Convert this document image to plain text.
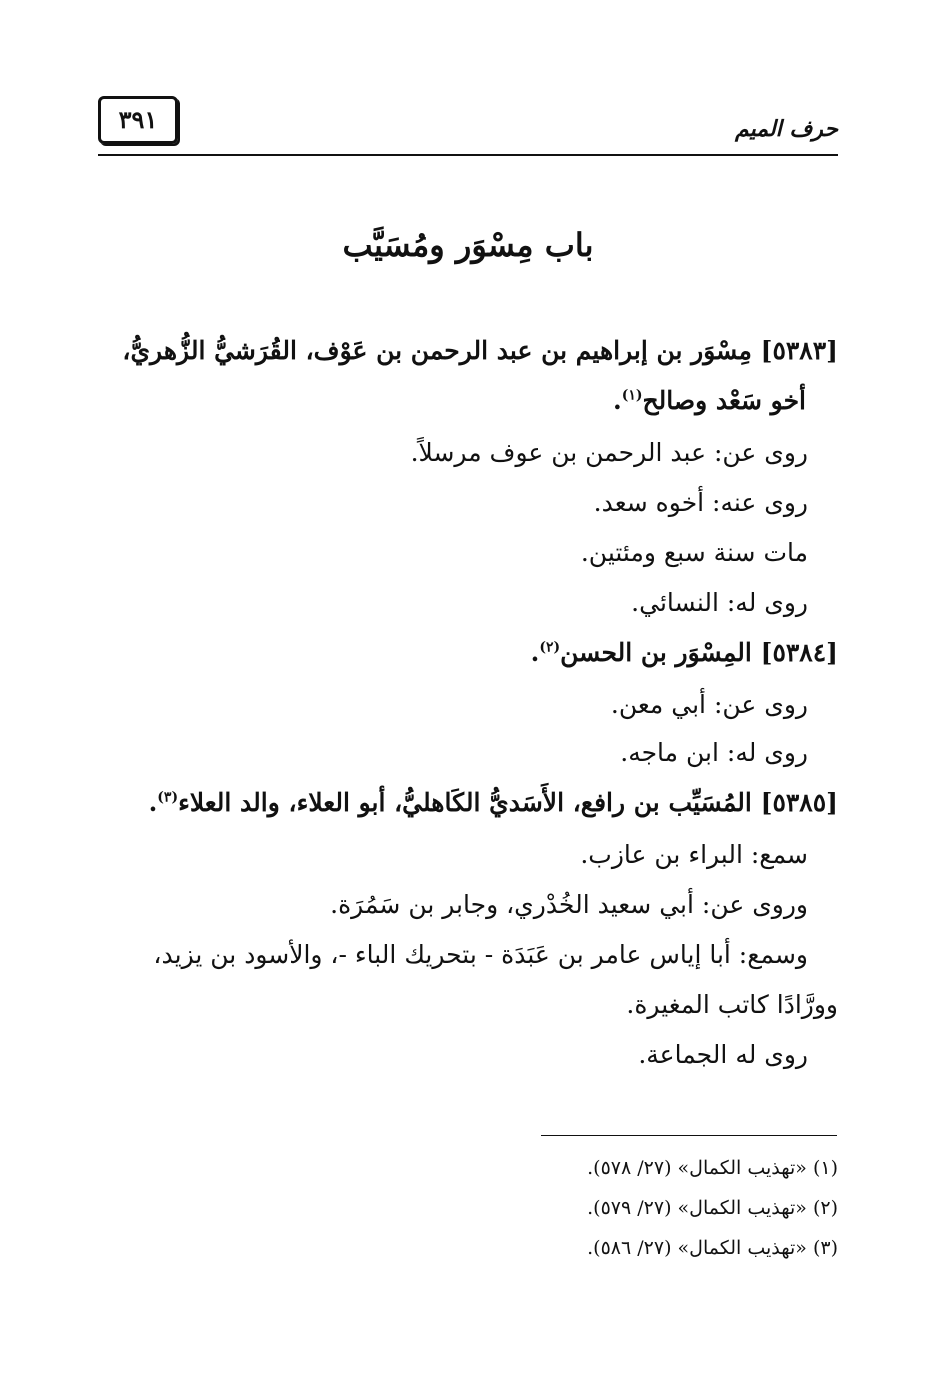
حرف الميم
٣٩١
باب مِسْوَر ومُسَيَّب
[٥٣٨٣] مِسْوَر بن إبراهيم بن عبد الرحمن بن عَوْف، القُرَشيُّ الزُّهريُّ،
أخو سَعْد وصالح$^{(١)}$.
روى عن: عبد الرحمن بن عوف مرسلاً.
روى عنه: أخوه سعد.
مات سنة سبع ومئتين.
روى له: النسائي.
[٥٣٨٤] المِسْوَر بن الحسن$^{(٢)}$.
روى عن: أبي معن.
روى له: ابن ماجه.
[٥٣٨٥] المُسَيِّب بن رافع، الأَسَديُّ الكَاهليُّ، أبو العلاء، والد العلاء$^{(٣)}$.
سمع: البراء بن عازب.
وروى عن: أبي سعيد الخُدْري، وجابر بن سَمُرَة.
وسمع: أبا إياس عامر بن عَبَدَة - بتحريك الباء -، والأسود بن يزيد،
وورَّادًا كاتب المغيرة.
روى له الجماعة.
(١) «تهذيب الكمال» (٢٧/ ٥٧٨).
(٢) «تهذيب الكمال» (٢٧/ ٥٧٩).
(٣) «تهذيب الكمال» (٢٧/ ٥٨٦).
